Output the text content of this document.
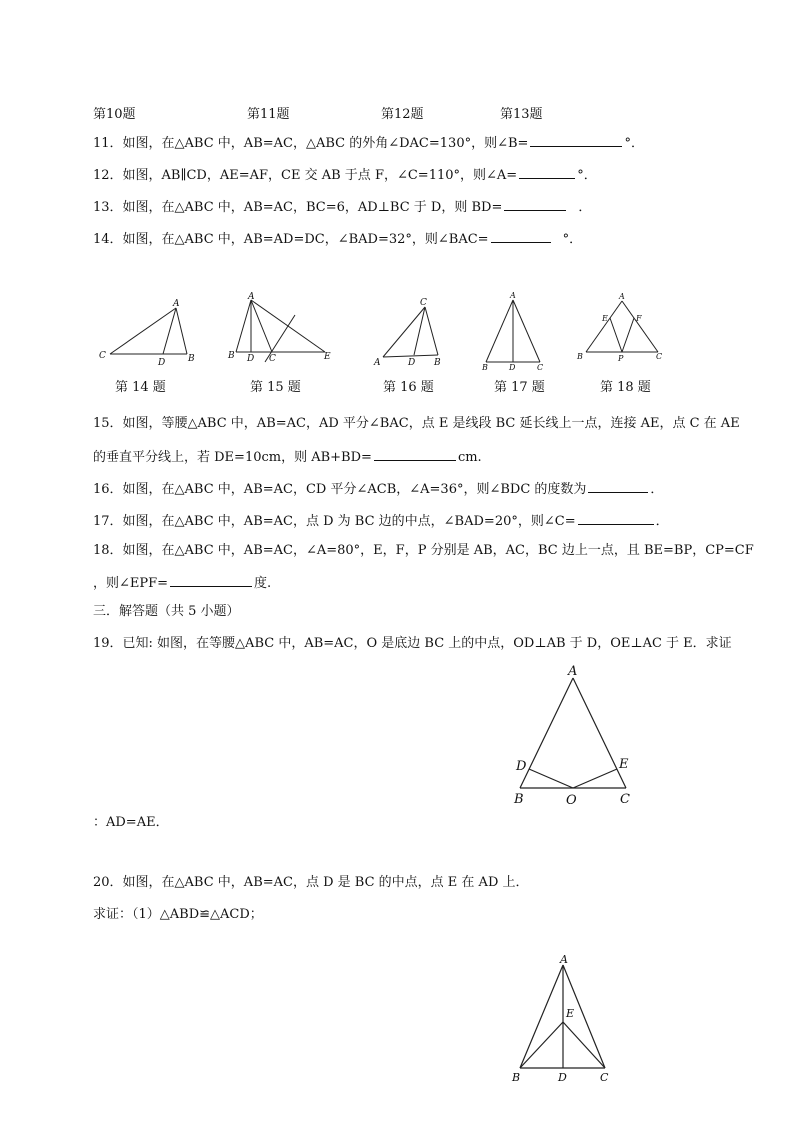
第10题	第11题	第12题	第13题
11．如图，在△ABC 中，AB=AC，△ABC 的外角∠DAC=130°，则∠B=	°．
12．如图，AB∥CD，AE=AF，CE 交 AB 于点 F，∠C=110°，则∠A=	°．
13．如图，在△ABC 中，AB=AC，BC=6，AD⊥BC 于 D，则 BD=	．
14．如图，在△ABC 中，AB=AD=DC，∠BAD=32°，则∠BAC=	°．
A
C
D	B
A
B D C	E
C
A	D B
A
B	D	C
A
E	F
B	P	C
第 14 题	第 15 题	第 16 题	第 17 题	第 18 题
15．如图，等腰△ABC 中，AB=AC，AD 平分∠BAC，点 E 是线段 BC 延长线上一点，连接 AE，点 C 在 AE
的垂直平分线上，若 DE=10cm，则 AB+BD=	cm.
16．如图，在△ABC 中，AB=AC，CD 平分∠ACB，∠A=36°，则∠BDC 的度数为	．
17．如图，在△ABC 中，AB=AC，点 D 为 BC 边的中点，∠BAD=20°，则∠C=	．
18．如图，在△ABC 中，AB=AC，∠A=80°，E，F，P 分别是 AB，AC，BC 边上一点，且 BE=BP，CP=CF
，则∠EPF=	度.
三．解答题（共 5 小题）
19．已知: 如图，在等腰△ABC 中，AB=AC，O 是底边 BC 上的中点，OD⊥AB 于 D，OE⊥AC 于 E．求证
A
D	E
B	O	C
：AD=AE．
20．如图，在△ABC 中，AB=AC，点 D 是 BC 的中点，点 E 在 AD 上．
求证：（1）△ABD≌△ACD；
A
E
B	D	C
